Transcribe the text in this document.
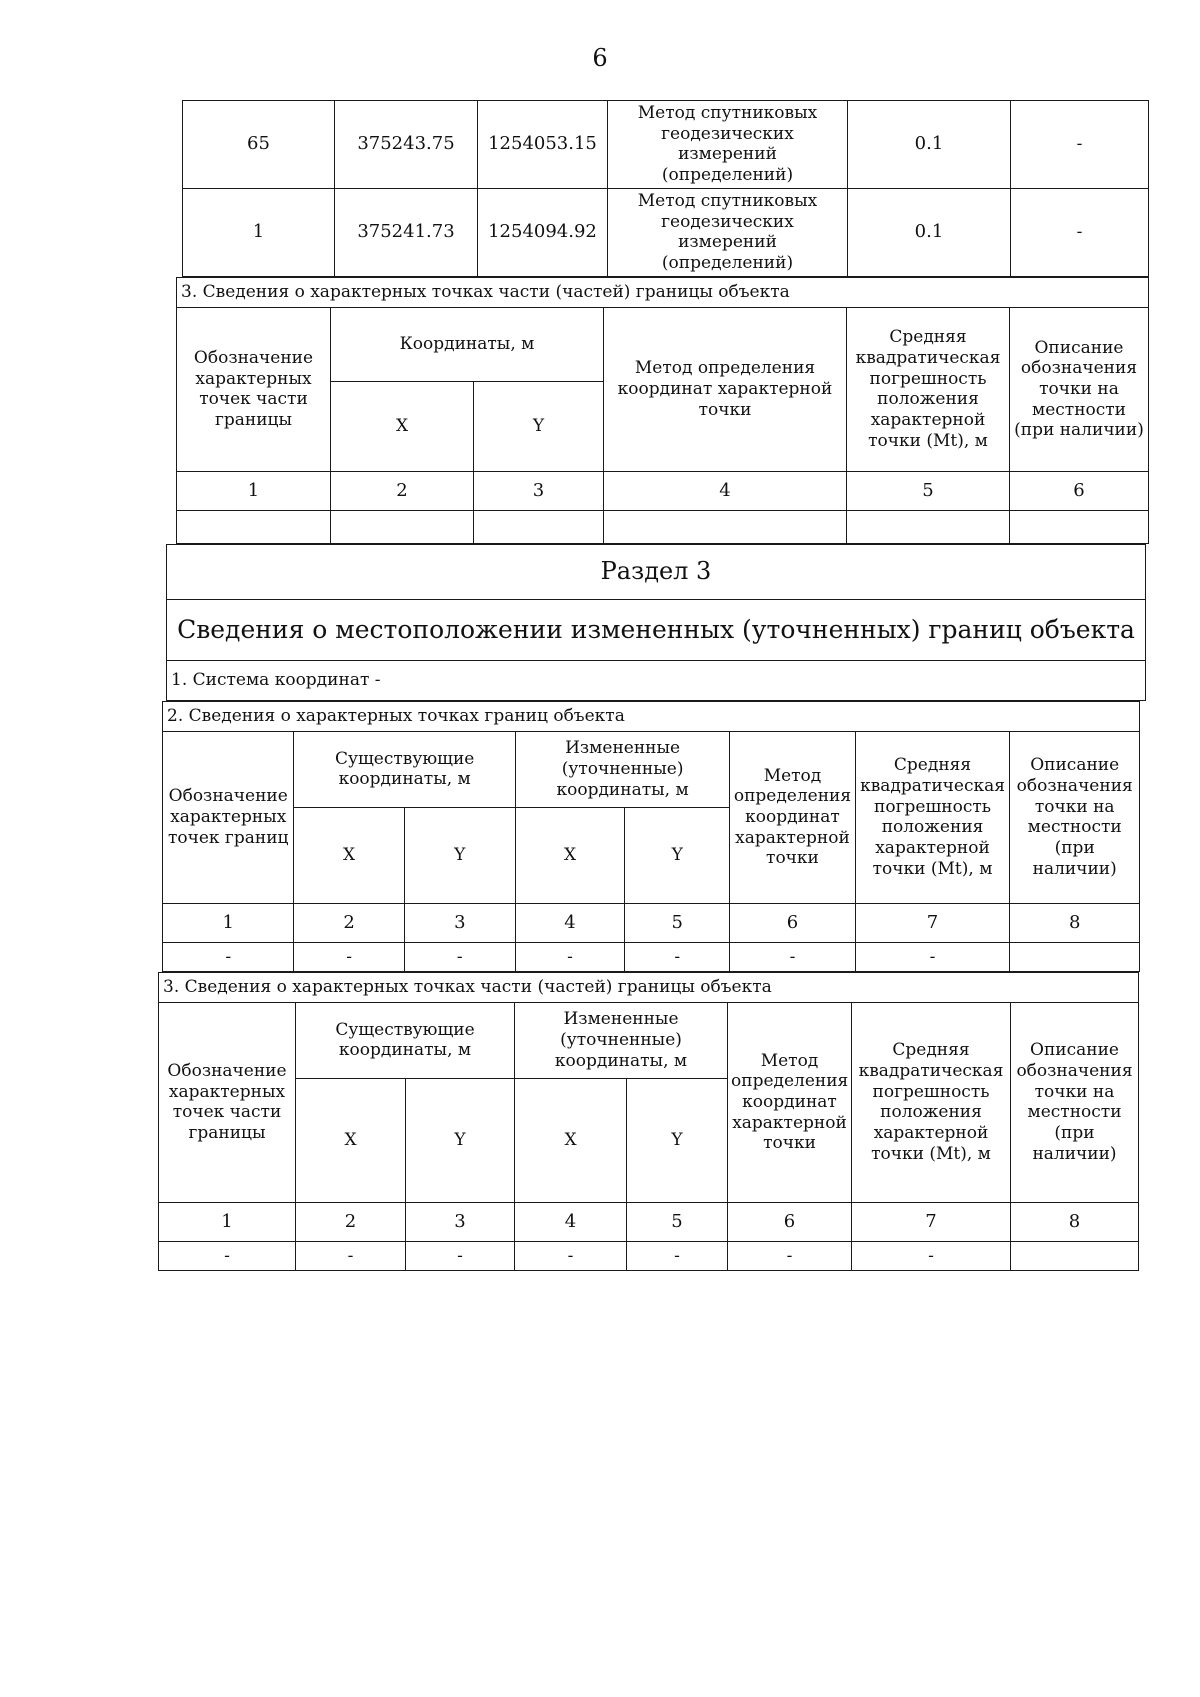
6
65	375243.75	1254053.15	Метод спутниковых геодезических измерений (определений)	0.1	-
1	375241.73	1254094.92	Метод спутниковых геодезических измерений (определений)	0.1	-
3. Сведения о характерных точках части (частей) границы объекта					
Обозначение характерных точек части границы	Координаты, м		Метод определения координат характерной точки	Средняя квадратическая погрешность положения характерной точки (Mt), м	Описание обозначения точки на местности (при наличии)
	X	Y			
1	2	3	4	5	6

Раздел 3
Сведения о местоположении измененных (уточненных) границ объекта
1. Система координат -
2. Сведения о характерных точках границ объекта							
Обозначение характерных точек границ	Существующие координаты, м		Измененные (уточненные) координаты, м		Метод определения координат характерной точки	Средняя квадратическая погрешность положения характерной точки (Mt), м	Описание обозначения точки на местности (при наличии)
	X	Y	X	Y			
1	2	3	4	5	6	7	8
-	-	-	-	-	-	-	
3. Сведения о характерных точках части (частей) границы объекта							
Обозначение характерных точек части границы	Существующие координаты, м		Измененные (уточненные) координаты, м		Метод определения координат характерной точки	Средняя квадратическая погрешность положения характерной точки (Mt), м	Описание обозначения точки на местности (при наличии)
	X	Y	X	Y			
1	2	3	4	5	6	7	8
-	-	-	-	-	-	-	
